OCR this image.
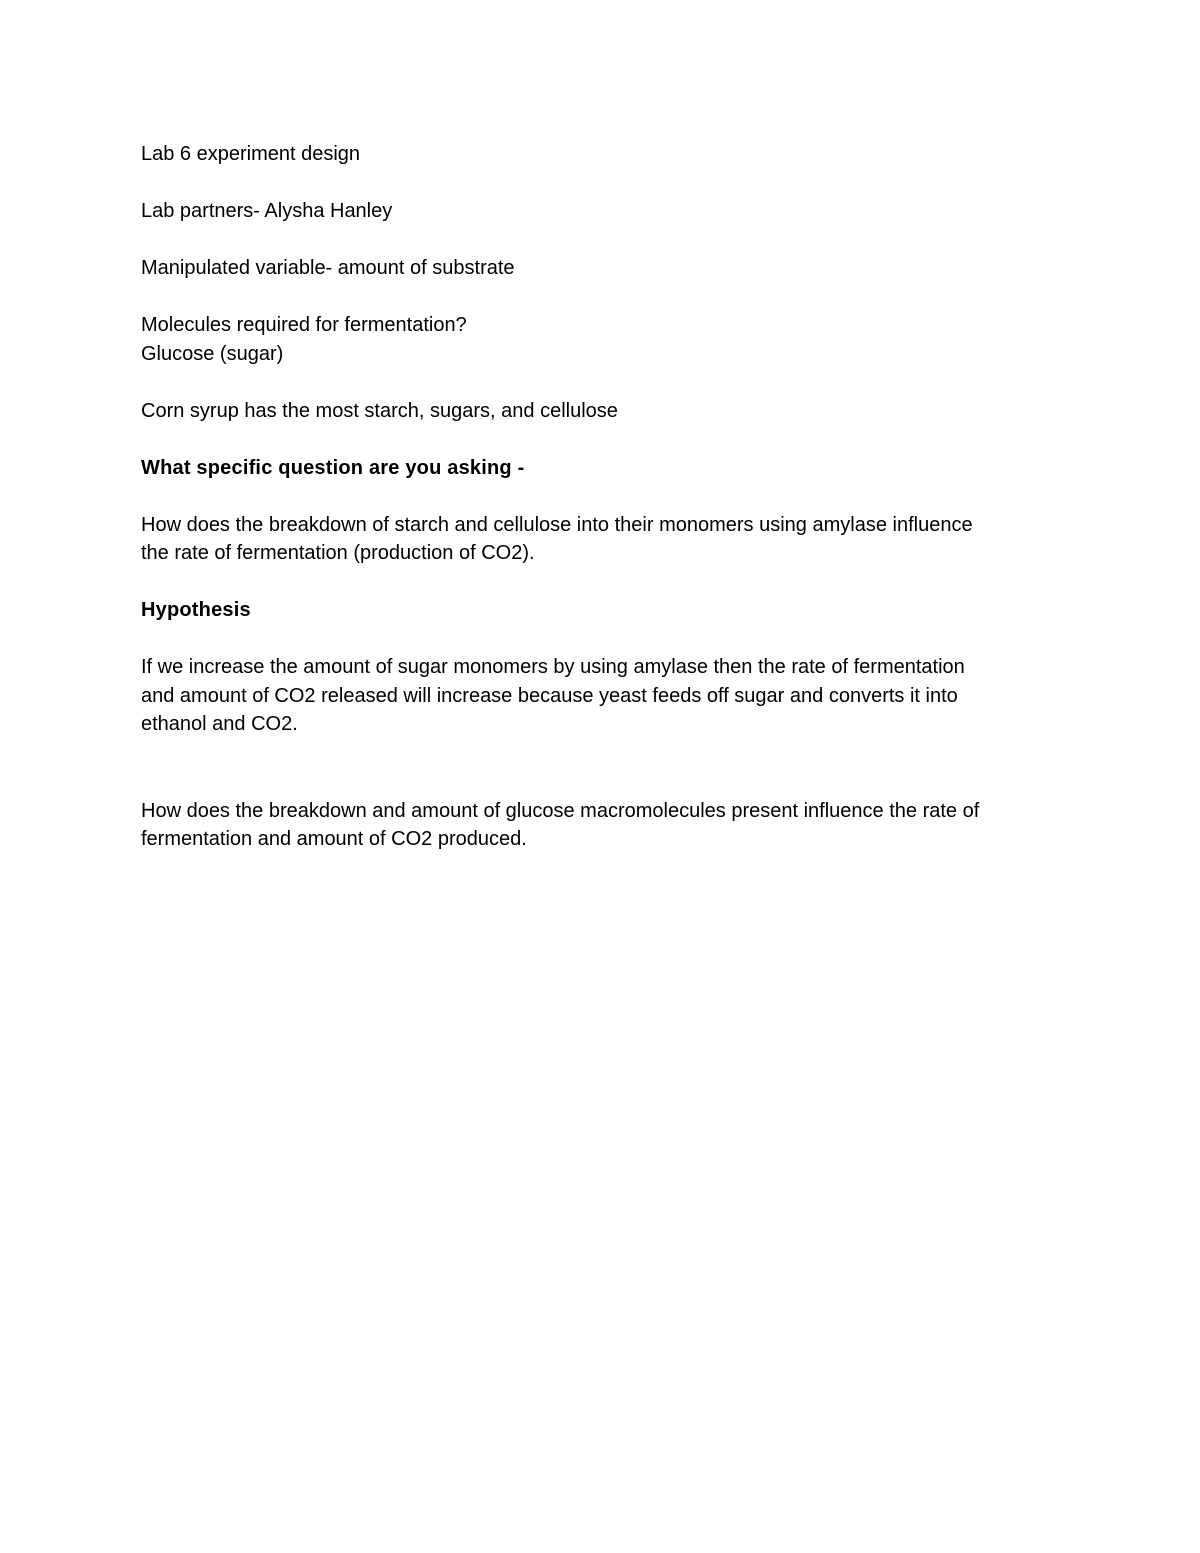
Lab 6 experiment design

Lab partners- Alysha Hanley

Manipulated variable- amount of substrate

Molecules required for fermentation?

Glucose (sugar)

Corn syrup has the most starch, sugars, and cellulose

What specific question are you asking -

How does the breakdown of starch and cellulose into their monomers using amylase influence

the rate of fermentation (production of CO2).

Hypothesis

If we increase the amount of sugar monomers by using amylase then the rate of fermentation

and amount of CO2 released will increase because yeast feeds off sugar and converts it into

ethanol and CO2.

How does the breakdown and amount of glucose macromolecules present influence the rate of

fermentation and amount of CO2 produced.
